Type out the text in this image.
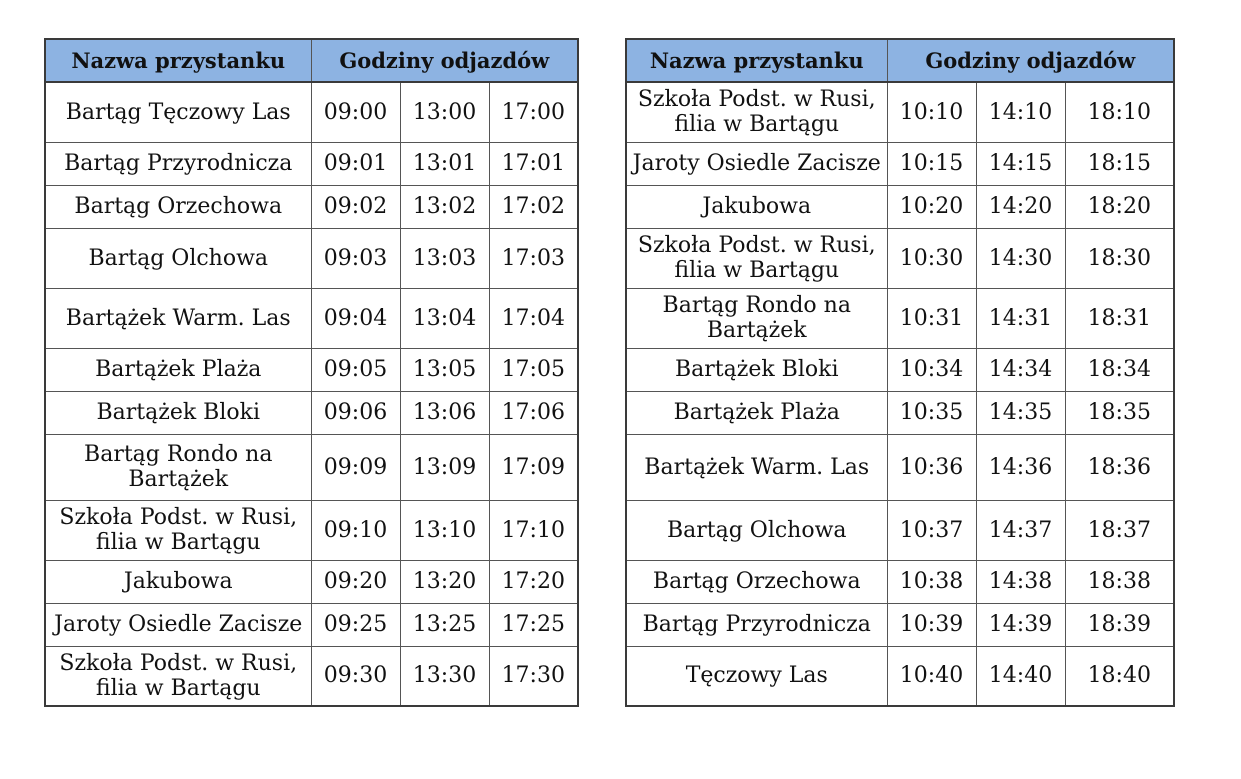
Nazwa przystanku	Godziny odjazdów		
Bartąg Tęczowy Las	09:00	13:00	17:00
Bartąg Przyrodnicza	09:01	13:01	17:01
Bartąg Orzechowa	09:02	13:02	17:02
Bartąg Olchowa	09:03	13:03	17:03
Bartążek Warm. Las	09:04	13:04	17:04
Bartążek Plaża	09:05	13:05	17:05
Bartążek Bloki	09:06	13:06	17:06
Bartąg Rondo na Bartążek	09:09	13:09	17:09
Szkoła Podst. w Rusi, filia w Bartągu	09:10	13:10	17:10
Jakubowa	09:20	13:20	17:20
Jaroty Osiedle Zacisze	09:25	13:25	17:25
Szkoła Podst. w Rusi, filia w Bartągu	09:30	13:30	17:30
Nazwa przystanku	Godziny odjazdów		
Szkoła Podst. w Rusi, filia w Bartągu	10:10	14:10	18:10
Jaroty Osiedle Zacisze	10:15	14:15	18:15
Jakubowa	10:20	14:20	18:20
Szkoła Podst. w Rusi, filia w Bartągu	10:30	14:30	18:30
Bartąg Rondo na Bartążek	10:31	14:31	18:31
Bartążek Bloki	10:34	14:34	18:34
Bartążek Plaża	10:35	14:35	18:35
Bartążek Warm. Las	10:36	14:36	18:36
Bartąg Olchowa	10:37	14:37	18:37
Bartąg Orzechowa	10:38	14:38	18:38
Bartąg Przyrodnicza	10:39	14:39	18:39
Tęczowy Las	10:40	14:40	18:40
